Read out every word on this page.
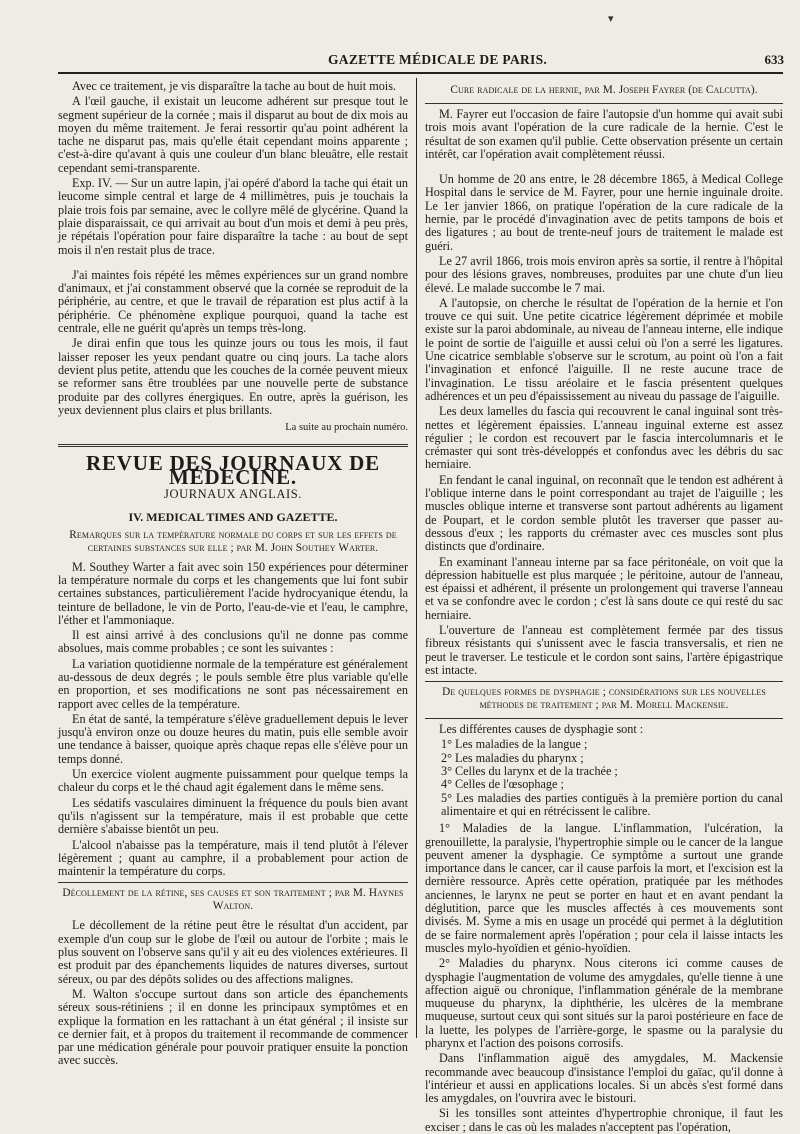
▾
GAZETTE MÉDICALE DE PARIS.	633

Avec ce traitement, je vis disparaître la tache au bout de huit mois.

A l'œil gauche, il existait un leucome adhérent sur presque tout le segment supérieur de la cornée ; mais il disparut au bout de dix mois au moyen du même traitement. Je ferai ressortir qu'au point adhérent la tache ne disparut pas, mais qu'elle était cependant moins apparente ; c'est-à-dire qu'avant à quis une couleur d'un blanc bleuâtre, elle restait cependant semi-transparente.

Exp. IV. — Sur un autre lapin, j'ai opéré d'abord la tache qui était un leucome simple central et large de 4 millimètres, puis je touchais la plaie trois fois par semaine, avec le collyre mêlé de glycérine. Quand la plaie disparaissait, ce qui arrivait au bout d'un mois et demi à peu près, je répétais l'opération pour faire disparaître la tache : au bout de sept mois il n'en restait plus de trace.

J'ai maintes fois répété les mêmes expériences sur un grand nombre d'animaux, et j'ai constamment observé que la cornée se reproduit de la périphérie, au centre, et que le travail de réparation est plus actif à la périphérie. Ce phénomène explique pourquoi, quand la tache est centrale, elle ne guérit qu'après un temps très-long.

Je dirai enfin que tous les quinze jours ou tous les mois, il faut laisser reposer les yeux pendant quatre ou cinq jours. La tache alors devient plus petite, attendu que les couches de la cornée peuvent mieux se reformer sans être troublées par une nouvelle perte de substance produite par des collyres énergiques. En outre, après la guérison, les yeux deviennent plus clairs et plus brillants.

La suite au prochain numéro.
REVUE DES JOURNAUX DE MÉDECINE.
JOURNAUX ANGLAIS.
IV. MEDICAL TIMES AND GAZETTE.
Remarques sur la température normale du corps et sur les effets de certaines substances sur elle ; par M. John Southey Warter.

M. Southey Warter a fait avec soin 150 expériences pour déterminer la température normale du corps et les changements que lui font subir certaines substances, particulièrement l'acide hydrocyanique étendu, la teinture de belladone, le vin de Porto, l'eau-de-vie et l'eau, le camphre, l'éther et l'ammoniaque.

Il est ainsi arrivé à des conclusions qu'il ne donne pas comme absolues, mais comme probables ; ce sont les suivantes :

La variation quotidienne normale de la température est généralement au-dessous de deux degrés ; le pouls semble être plus variable qu'elle en proportion, et ses modifications ne sont pas nécessairement en rapport avec celles de la température.

En état de santé, la température s'élève graduellement depuis le lever jusqu'à environ onze ou douze heures du matin, puis elle semble avoir une tendance à baisser, quoique après chaque repas elle s'élève pour un temps donné.

Un exercice violent augmente puissamment pour quelque temps la chaleur du corps et le thé chaud agit également dans le même sens.

Les sédatifs vasculaires diminuent la fréquence du pouls bien avant qu'ils n'agissent sur la température, mais il est probable que cette dernière s'abaisse bientôt un peu.

L'alcool n'abaisse pas la température, mais il tend plutôt à l'élever légèrement ; quant au camphre, il a probablement pour action de maintenir la température du corps.

Décollement de la rétine, ses causes et son traitement ; par M. Haynes Walton.

Le décollement de la rétine peut être le résultat d'un accident, par exemple d'un coup sur le globe de l'œil ou autour de l'orbite ; mais le plus souvent on l'observe sans qu'il y ait eu des violences extérieures. Il est produit par des épanchements liquides de natures diverses, surtout séreux, ou par des dépôts solides ou des affections malignes.

M. Walton s'occupe surtout dans son article des épanchements séreux sous-rétiniens ; il en donne les principaux symptômes et en explique la formation en les rattachant à un état général ; il insiste sur ce dernier fait, et à propos du traitement il recommande de commencer par une médication générale pour pouvoir pratiquer ensuite la ponction avec succès.

Cure radicale de la hernie, par M. Joseph Fayrer (de Calcutta).

M. Fayrer eut l'occasion de faire l'autopsie d'un homme qui avait subi trois mois avant l'opération de la cure radicale de la hernie. C'est le résultat de son examen qu'il publie. Cette observation présente un certain intérêt, car l'opération avait complètement réussi.

Un homme de 20 ans entre, le 28 décembre 1865, à Medical College Hospital dans le service de M. Fayrer, pour une hernie inguinale droite. Le 1er janvier 1866, on pratique l'opération de la cure radicale de la hernie, par le procédé d'invagination avec de petits tampons de bois et des ligatures ; au bout de trente-neuf jours de traitement le malade est guéri.

Le 27 avril 1866, trois mois environ après sa sortie, il rentre à l'hôpital pour des lésions graves, nombreuses, produites par une chute d'un lieu élevé. Le malade succombe le 7 mai.

A l'autopsie, on cherche le résultat de l'opération de la hernie et l'on trouve ce qui suit. Une petite cicatrice légèrement déprimée et mobile existe sur la paroi abdominale, au niveau de l'anneau interne, elle indique le point de sortie de l'aiguille et aussi celui où l'on a serré les ligatures. Une cicatrice semblable s'observe sur le scrotum, au point où l'on a fait l'invagination et enfoncé l'aiguille. Il ne reste aucune trace de l'invagination. Le tissu aréolaire et le fascia présentent quelques adhérences et un peu d'épaississement au niveau du passage de l'aiguille.

Les deux lamelles du fascia qui recouvrent le canal inguinal sont très-nettes et légèrement épaissies. L'anneau inguinal externe est assez régulier ; le cordon est recouvert par le fascia intercolumnaris et le crémaster qui sont très-développés et confondus avec les débris du sac herniaire.

En fendant le canal inguinal, on reconnaît que le tendon est adhérent à l'oblique interne dans le point correspondant au trajet de l'aiguille ; les muscles oblique interne et transverse sont partout adhérents au ligament de Poupart, et le cordon semble plutôt les traverser que passer au-dessous d'eux ; les rapports du crémaster avec ces muscles sont plus distincts que d'ordinaire.

En examinant l'anneau interne par sa face péritonéale, on voit que la dépression habituelle est plus marquée ; le péritoine, autour de l'anneau, est épaissi et adhérent, il présente un prolongement qui traverse l'anneau et va se confondre avec le cordon ; c'est là sans doute ce qui resté du sac herniaire.

L'ouverture de l'anneau est complètement fermée par des tissus fibreux résistants qui s'unissent avec le fascia transversalis, et rien ne peut le traverser. Le testicule et le cordon sont sains, l'artère épigastrique est intacte.

De quelques formes de dysphagie ; considérations sur les nouvelles méthodes de traitement ; par M. Morell Mackensie.

Les différentes causes de dysphagie sont :

1° Les maladies de la langue ;
2° Les maladies du pharynx ;
3° Celles du larynx et de la trachée ;
4° Celles de l'œsophage ;
5° Les maladies des parties contiguës à la première portion du canal alimentaire et qui en rétrécissent le calibre.

1° Maladies de la langue. L'inflammation, l'ulcération, la grenouillette, la paralysie, l'hypertrophie simple ou le cancer de la langue peuvent amener la dysphagie. Ce symptôme a surtout une grande importance dans le cancer, car il cause parfois la mort, et l'excision est la dernière ressource. Après cette opération, pratiquée par les méthodes anciennes, le larynx ne peut se porter en haut et en avant pendant la déglutition, parce que les muscles affectés à ces mouvements sont divisés. M. Syme a mis en usage un procédé qui permet à la déglutition de se faire normalement après l'opération ; pour cela il laisse intacts les muscles mylo-hyoïdien et génio-hyoïdien.

2° Maladies du pharynx. Nous citerons ici comme causes de dysphagie l'augmentation de volume des amygdales, qu'elle tienne à une affection aiguë ou chronique, l'inflammation générale de la membrane muqueuse du pharynx, la diphthérie, les ulcères de la membrane muqueuse, surtout ceux qui sont situés sur la paroi postérieure en face de la luette, les polypes de l'arrière-gorge, le spasme ou la paralysie du pharynx et l'action des poisons corrosifs.

Dans l'inflammation aiguë des amygdales, M. Mackensie recommande avec beaucoup d'insistance l'emploi du gaïac, qu'il donne à l'intérieur et aussi en applications locales. Si un abcès s'est formé dans les amygdales, on l'ouvrira avec le bistouri.

Si les tonsilles sont atteintes d'hypertrophie chronique, il faut les exciser ; dans le cas où les malades n'acceptent pas l'opération,
